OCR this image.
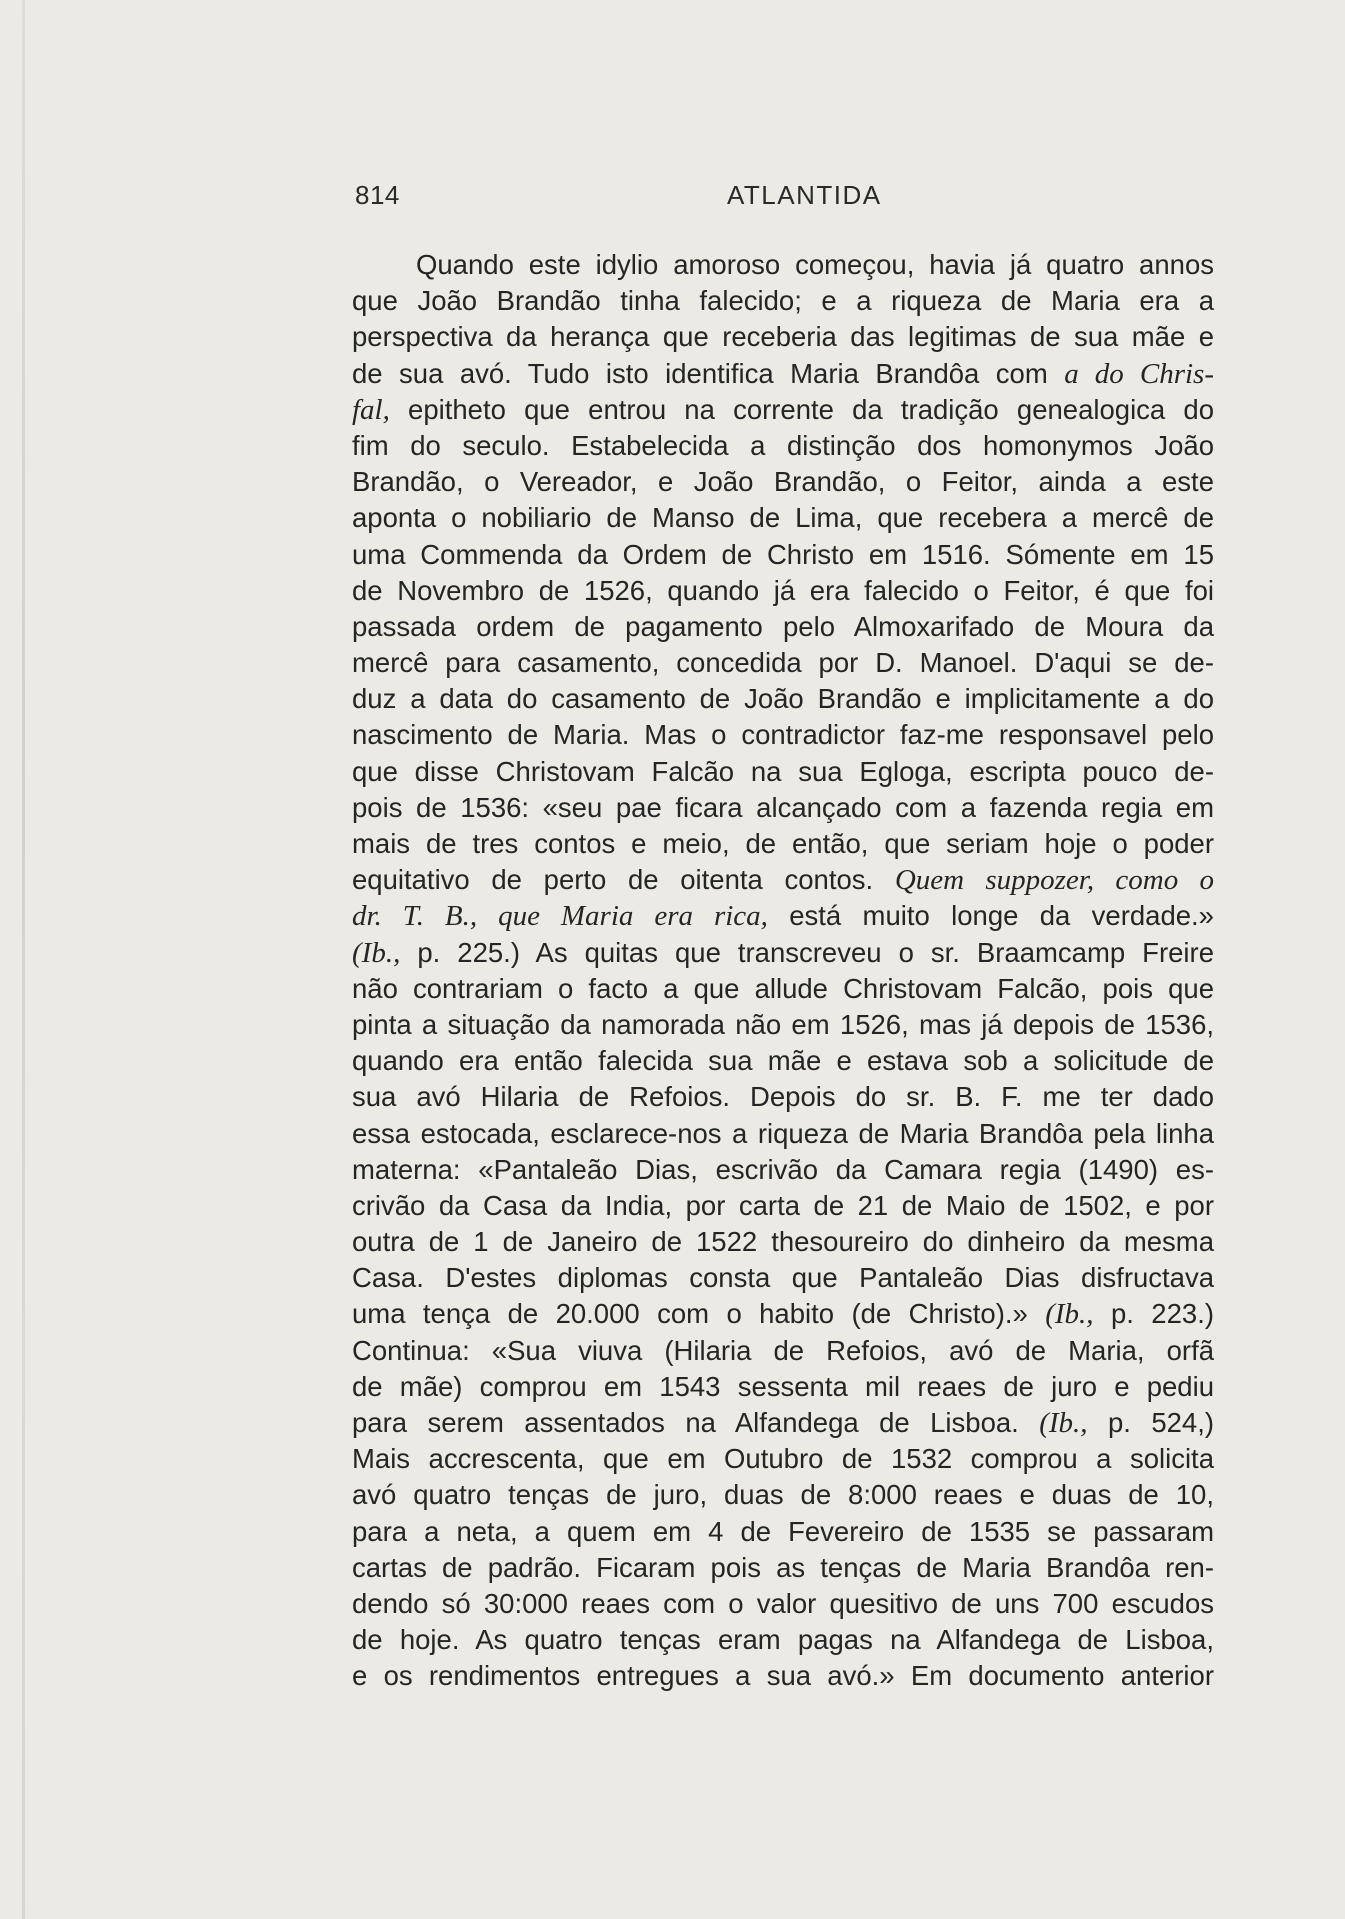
814	ATLANTIDA
Quando este idylio amoroso começou, havia já quatro annos
que João Brandão tinha falecido; e a riqueza de Maria era a
perspectiva da herança que receberia das legitimas de sua mãe e
de sua avó. Tudo isto identifica Maria Brandôa com a do Chris-
fal, epitheto que entrou na corrente da tradição genealogica do
fim do seculo. Estabelecida a distinção dos homonymos João
Brandão, o Vereador, e João Brandão, o Feitor, ainda a este
aponta o nobiliario de Manso de Lima, que recebera a mercê de
uma Commenda da Ordem de Christo em 1516. Sómente em 15
de Novembro de 1526, quando já era falecido o Feitor, é que foi
passada ordem de pagamento pelo Almoxarifado de Moura da
mercê para casamento, concedida por D. Manoel. D'aqui se de-
duz a data do casamento de João Brandão e implicitamente a do
nascimento de Maria. Mas o contradictor faz-me responsavel pelo
que disse Christovam Falcão na sua Egloga, escripta pouco de-
pois de 1536: «seu pae ficara alcançado com a fazenda regia em
mais de tres contos e meio, de então, que seriam hoje o poder
equitativo de perto de oitenta contos. Quem suppozer, como o
dr. T. B., que Maria era rica, está muito longe da verdade.»
(Ib., p. 225.) As quitas que transcreveu o sr. Braamcamp Freire
não contrariam o facto a que allude Christovam Falcão, pois que
pinta a situação da namorada não em 1526, mas já depois de 1536,
quando era então falecida sua mãe e estava sob a solicitude de
sua avó Hilaria de Refoios. Depois do sr. B. F. me ter dado
essa estocada, esclarece-nos a riqueza de Maria Brandôa pela linha
materna: «Pantaleão Dias, escrivão da Camara regia (1490) es-
crivão da Casa da India, por carta de 21 de Maio de 1502, e por
outra de 1 de Janeiro de 1522 thesoureiro do dinheiro da mesma
Casa. D'estes diplomas consta que Pantaleão Dias disfructava
uma tença de 20.000 com o habito (de Christo).» (Ib., p. 223.)
Continua: «Sua viuva (Hilaria de Refoios, avó de Maria, orfã
de mãe) comprou em 1543 sessenta mil reaes de juro e pediu
para serem assentados na Alfandega de Lisboa. (Ib., p. 524,)
Mais accrescenta, que em Outubro de 1532 comprou a solicita
avó quatro tenças de juro, duas de 8:000 reaes e duas de 10,
para a neta, a quem em 4 de Fevereiro de 1535 se passaram
cartas de padrão. Ficaram pois as tenças de Maria Brandôa ren-
dendo só 30:000 reaes com o valor quesitivo de uns 700 escudos
de hoje. As quatro tenças eram pagas na Alfandega de Lisboa,
e os rendimentos entregues a sua avó.» Em documento anterior
